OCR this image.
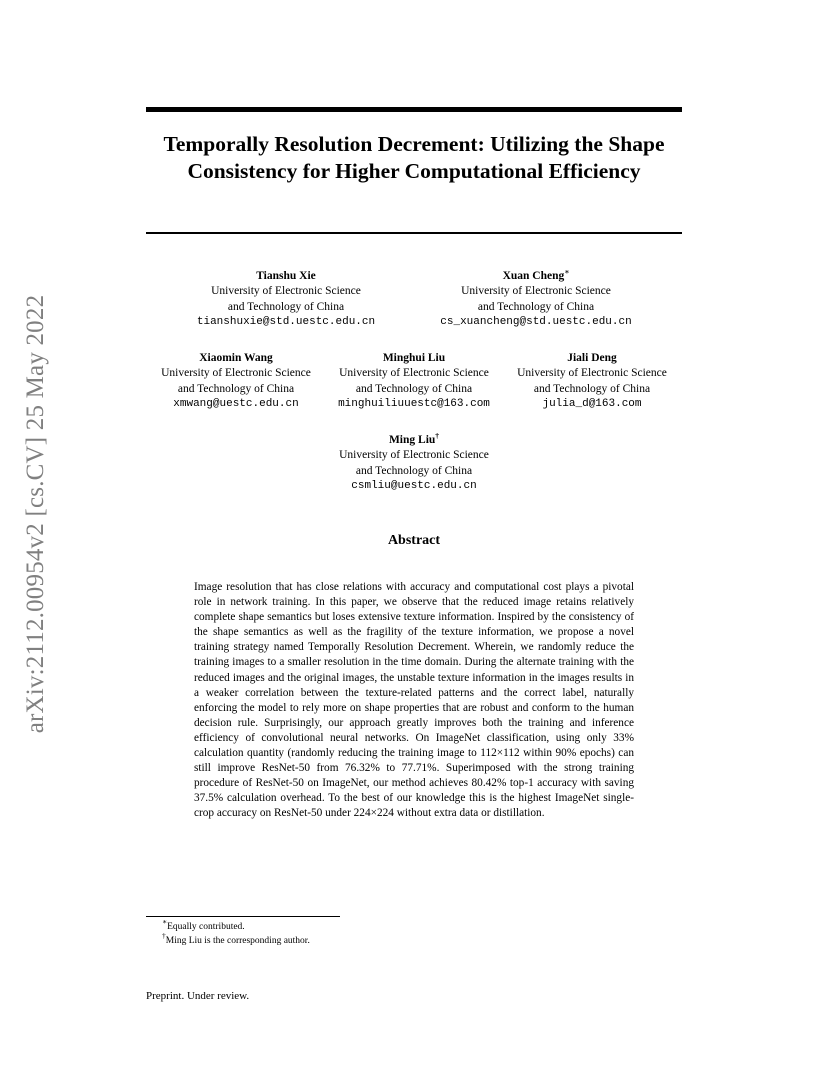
arXiv:2112.00954v2 [cs.CV] 25 May 2022
Temporally Resolution Decrement: Utilizing the Shape Consistency for Higher Computational Efficiency
Tianshu Xie
University of Electronic Science
and Technology of China
tianshuxie@std.uestc.edu.cn
Xuan Cheng∗
University of Electronic Science
and Technology of China
cs_xuancheng@std.uestc.edu.cn
Xiaomin Wang
University of Electronic Science
and Technology of China
xmwang@uestc.edu.cn
Minghui Liu
University of Electronic Science
and Technology of China
minghuiliuuestc@163.com
Jiali Deng
University of Electronic Science
and Technology of China
julia_d@163.com
Ming Liu†
University of Electronic Science
and Technology of China
csmliu@uestc.edu.cn
Abstract

Image resolution that has close relations with accuracy and computational cost plays a pivotal role in network training. In this paper, we observe that the reduced image retains relatively complete shape semantics but loses extensive texture information. Inspired by the consistency of the shape semantics as well as the fragility of the texture information, we propose a novel training strategy named Temporally Resolution Decrement. Wherein, we randomly reduce the training images to a smaller resolution in the time domain. During the alternate training with the reduced images and the original images, the unstable texture information in the images results in a weaker correlation between the texture-related patterns and the correct label, naturally enforcing the model to rely more on shape properties that are robust and conform to the human decision rule. Surprisingly, our approach greatly improves both the training and inference efficiency of convolutional neural networks. On ImageNet classification, using only 33% calculation quantity (randomly reducing the training image to 112×112 within 90% epochs) can still improve ResNet-50 from 76.32% to 77.71%. Superimposed with the strong training procedure of ResNet-50 on ImageNet, our method achieves 80.42% top-1 accuracy with saving 37.5% calculation overhead. To the best of our knowledge this is the highest ImageNet single-crop accuracy on ResNet-50 under 224×224 without extra data or distillation.

∗Equally contributed.
†Ming Liu is the corresponding author.
Preprint. Under review.
